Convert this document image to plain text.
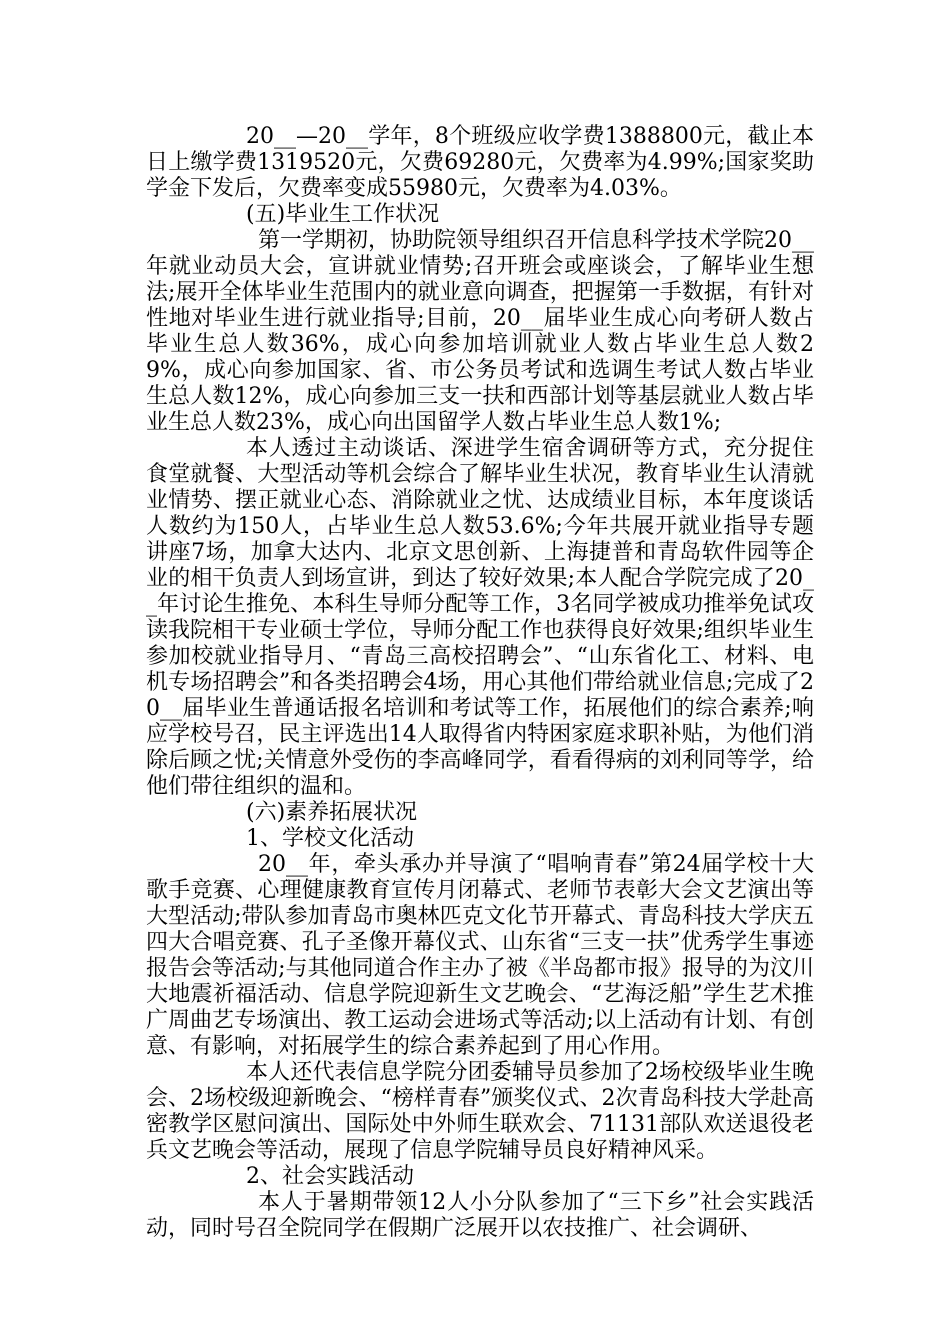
20__—20__学年，8个班级应收学费1388800元，截止本日上缴学费1319520元，欠费69280元，欠费率为4.99%;国家奖助学金下发后，欠费率变成55980元，欠费率为4.03%。

(五)毕业生工作状况

第一学期初，协助院领导组织召开信息科学技术学院20__年就业动员大会，宣讲就业情势;召开班会或座谈会，了解毕业生想法;展开全体毕业生范围内的就业意向调查，把握第一手数据，有针对性地对毕业生进行就业指导;目前，20__届毕业生成心向考研人数占毕业生总人数36%，成心向参加培训就业人数占毕业生总人数29%，成心向参加国家、省、市公务员考试和选调生考试人数占毕业生总人数12%，成心向参加三支一扶和西部计划等基层就业人数占毕业生总人数23%，成心向出国留学人数占毕业生总人数1%;

本人透过主动谈话、深进学生宿舍调研等方式，充分捉住食堂就餐、大型活动等机会综合了解毕业生状况，教育毕业生认清就业情势、摆正就业心态、消除就业之忧、达成绩业目标，本年度谈话人数约为150人，占毕业生总人数53.6%;今年共展开就业指导专题讲座7场，加拿大达内、北京文思创新、上海捷普和青岛软件园等企业的相干负责人到场宣讲，到达了较好效果;本人配合学院完成了20__年讨论生推免、本科生导师分配等工作，3名同学被成功推举免试攻读我院相干专业硕士学位，导师分配工作也获得良好效果;组织毕业生参加校就业指导月、“青岛三高校招聘会”、“山东省化工、材料、电机专场招聘会”和各类招聘会4场，用心其他们带给就业信息;完成了20__届毕业生普通话报名培训和考试等工作，拓展他们的综合素养;响应学校号召，民主评选出14人取得省内特困家庭求职补贴，为他们消除后顾之忧;关情意外受伤的李高峰同学，看看得病的刘利同等学，给他们带往组织的温和。

(六)素养拓展状况

1、学校文化活动

20__年，牵头承办并导演了“唱响青春”第24届学校十大歌手竞赛、心理健康教育宣传月闭幕式、老师节表彰大会文艺演出等大型活动;带队参加青岛市奥林匹克文化节开幕式、青岛科技大学庆五四大合唱竞赛、孔子圣像开幕仪式、山东省“三支一扶”优秀学生事迹报告会等活动;与其他同道合作主办了被《半岛都市报》报导的为汶川大地震祈福活动、信息学院迎新生文艺晚会、“艺海泛船”学生艺术推广周曲艺专场演出、教工运动会进场式等活动;以上活动有计划、有创意、有影响，对拓展学生的综合素养起到了用心作用。

本人还代表信息学院分团委辅导员参加了2场校级毕业生晚会、2场校级迎新晚会、“榜样青春”颁奖仪式、2次青岛科技大学赴高密教学区慰问演出、国际处中外师生联欢会、71131部队欢送退役老兵文艺晚会等活动，展现了信息学院辅导员良好精神风采。

2、社会实践活动

本人于暑期带领12人小分队参加了“三下乡”社会实践活动，同时号召全院同学在假期广泛展开以农技推广、社会调研、
